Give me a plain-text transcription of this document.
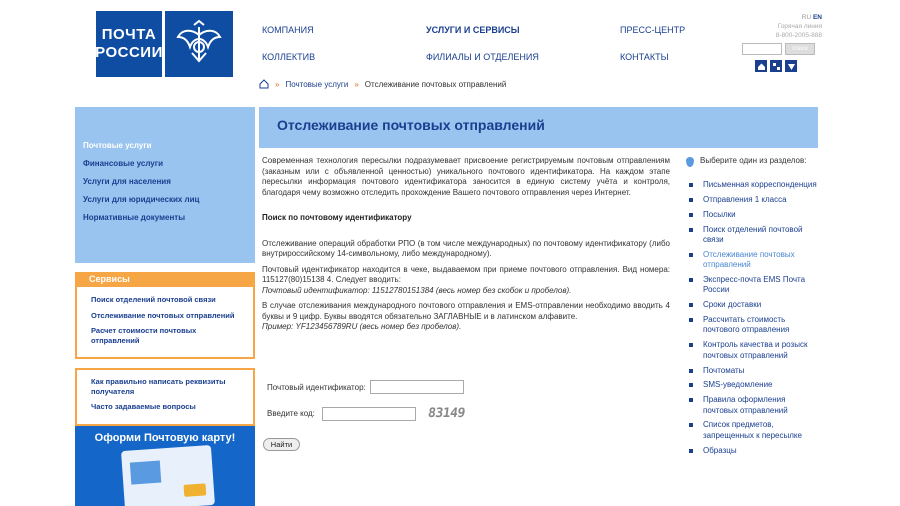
ПОЧТА
РОССИИ
КОМПАНИЯ	УСЛУГИ И СЕРВИСЫ	ПРЕСС-ЦЕНТР
КОЛЛЕКТИВ	ФИЛИАЛЫ И ОТДЕЛЕНИЯ	КОНТАКТЫ
RU EN
Горячая линия
8-800-2005-888
поиск
» Почтовые услуги » Отслеживание почтовых отправлений
Почтовые услуги
Финансовые услуги
Услуги для населения
Услуги для юридических лиц
Нормативные документы
Сервисы
Поиск отделений почтовой связи
Отслеживание почтовых отправлений
Расчет стоимости почтовых отправлений
Как правильно написать реквизиты получателя
Часто задаваемые вопросы
Оформи Почтовую карту!
Отслеживание почтовых отправлений

Современная технология пересылки подразумевает присвоение регистрируемым почтовым отправлениям (заказным или с объявленной ценностью) уникального почтового идентификатора. На каждом этапе пересылки информация почтового идентификатора заносится в единую систему учёта и контроля, благодаря чему возможно отследить прохождение Вашего почтового отправления через Интернет.

Поиск по почтовому идентификатору

Отслеживание операций обработки РПО (в том числе международных) по почтовому идентификатору (либо внутрироссийскому 14-символьному, либо международному).

Почтовый идентификатор находится в чеке, выдаваемом при приеме почтового отправления. Вид номера: 115127(80)15138 4. Следует вводить:

Почтовый идентификатор: 11512780151384 (весь номер без скобок и пробелов).

В случае отслеживания международного почтового отправления и EMS-отправлении необходимо вводить 4 буквы и 9 цифр. Буквы вводятся обязательно ЗАГЛАВНЫЕ и в латинском алфавите.

Пример: YF123456789RU (весь номер без пробелов).

Почтовый идентификатор:
Введите код:	83149
Найти
Выберите один из разделов:
Письменная корреспонденция
Отправления 1 класса
Посылки
Поиск отделений почтовой связи
Отслеживание почтовых отправлений
Экспресс-почта EMS Почта России
Сроки доставки
Рассчитать стоимость почтового отправления
Контроль качества и розыск почтовых отправлений
Почтоматы
SMS-уведомление
Правила оформления почтовых отправлений
Список предметов, запрещенных к пересылке
Образцы
